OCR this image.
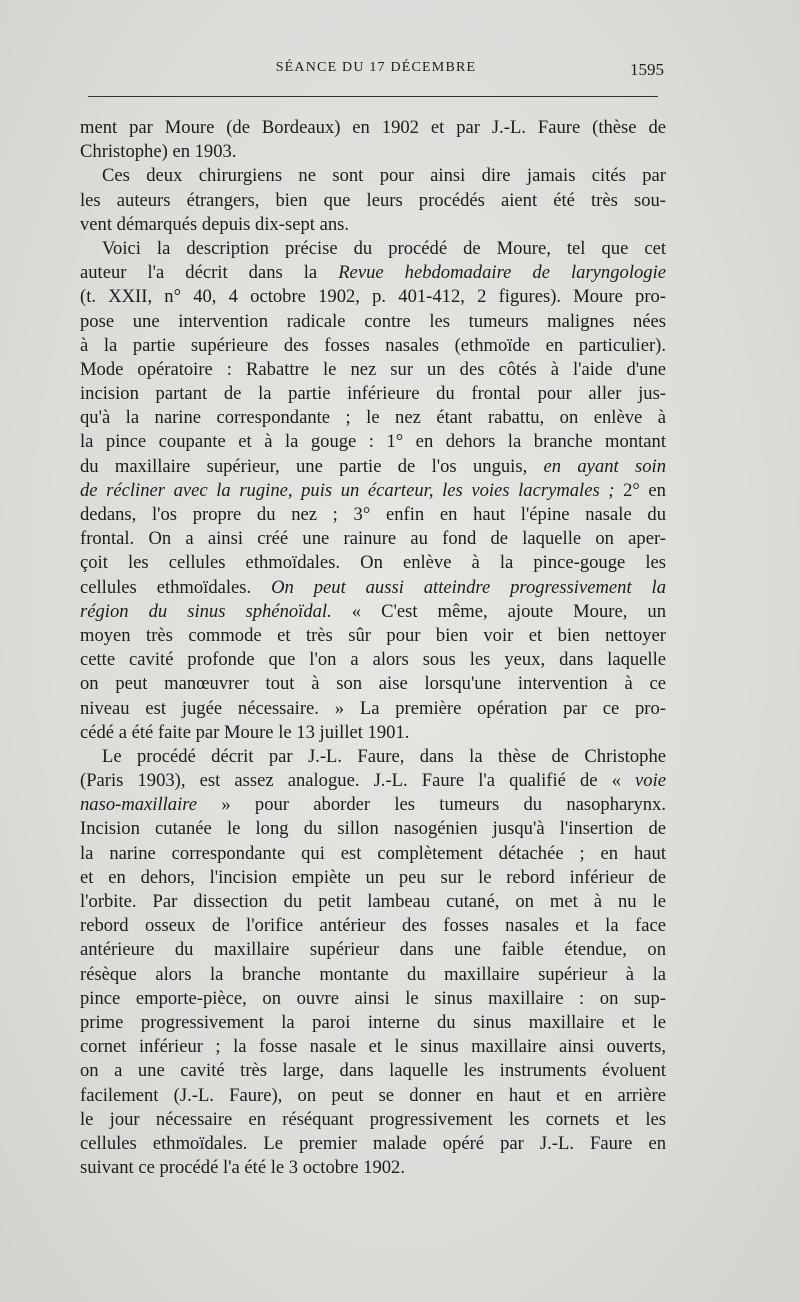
SÉANCE DU 17 DÉCEMBRE	1595
ment par Moure (de Bordeaux) en 1902 et par J.-L. Faure (thèse de
Christophe) en 1903.
Ces deux chirurgiens ne sont pour ainsi dire jamais cités par
les auteurs étrangers, bien que leurs procédés aient été très sou-
vent démarqués depuis dix-sept ans.
Voici la description précise du procédé de Moure, tel que cet
auteur l'a décrit dans la Revue hebdomadaire de laryngologie
(t. XXII, n° 40, 4 octobre 1902, p. 401-412, 2 figures). Moure pro-
pose une intervention radicale contre les tumeurs malignes nées
à la partie supérieure des fosses nasales (ethmoïde en particulier).
Mode opératoire : Rabattre le nez sur un des côtés à l'aide d'une
incision partant de la partie inférieure du frontal pour aller jus-
qu'à la narine correspondante ; le nez étant rabattu, on enlève à
la pince coupante et à la gouge : 1° en dehors la branche montant
du maxillaire supérieur, une partie de l'os unguis, en ayant soin
de récliner avec la rugine, puis un écarteur, les voies lacrymales ; 2° en
dedans, l'os propre du nez ; 3° enfin en haut l'épine nasale du
frontal. On a ainsi créé une rainure au fond de laquelle on aper-
çoit les cellules ethmoïdales. On enlève à la pince-gouge les
cellules ethmoïdales. On peut aussi atteindre progressivement la
région du sinus sphénoïdal. « C'est même, ajoute Moure, un
moyen très commode et très sûr pour bien voir et bien nettoyer
cette cavité profonde que l'on a alors sous les yeux, dans laquelle
on peut manœuvrer tout à son aise lorsqu'une intervention à ce
niveau est jugée nécessaire. » La première opération par ce pro-
cédé a été faite par Moure le 13 juillet 1901.
Le procédé décrit par J.-L. Faure, dans la thèse de Christophe
(Paris 1903), est assez analogue. J.-L. Faure l'a qualifié de « voie
naso-maxillaire » pour aborder les tumeurs du nasopharynx.
Incision cutanée le long du sillon nasogénien jusqu'à l'insertion de
la narine correspondante qui est complètement détachée ; en haut
et en dehors, l'incision empiète un peu sur le rebord inférieur de
l'orbite. Par dissection du petit lambeau cutané, on met à nu le
rebord osseux de l'orifice antérieur des fosses nasales et la face
antérieure du maxillaire supérieur dans une faible étendue, on
résèque alors la branche montante du maxillaire supérieur à la
pince emporte-pièce, on ouvre ainsi le sinus maxillaire : on sup-
prime progressivement la paroi interne du sinus maxillaire et le
cornet inférieur ; la fosse nasale et le sinus maxillaire ainsi ouverts,
on a une cavité très large, dans laquelle les instruments évoluent
facilement (J.-L. Faure), on peut se donner en haut et en arrière
le jour nécessaire en réséquant progressivement les cornets et les
cellules ethmoïdales. Le premier malade opéré par J.-L. Faure en
suivant ce procédé l'a été le 3 octobre 1902.
